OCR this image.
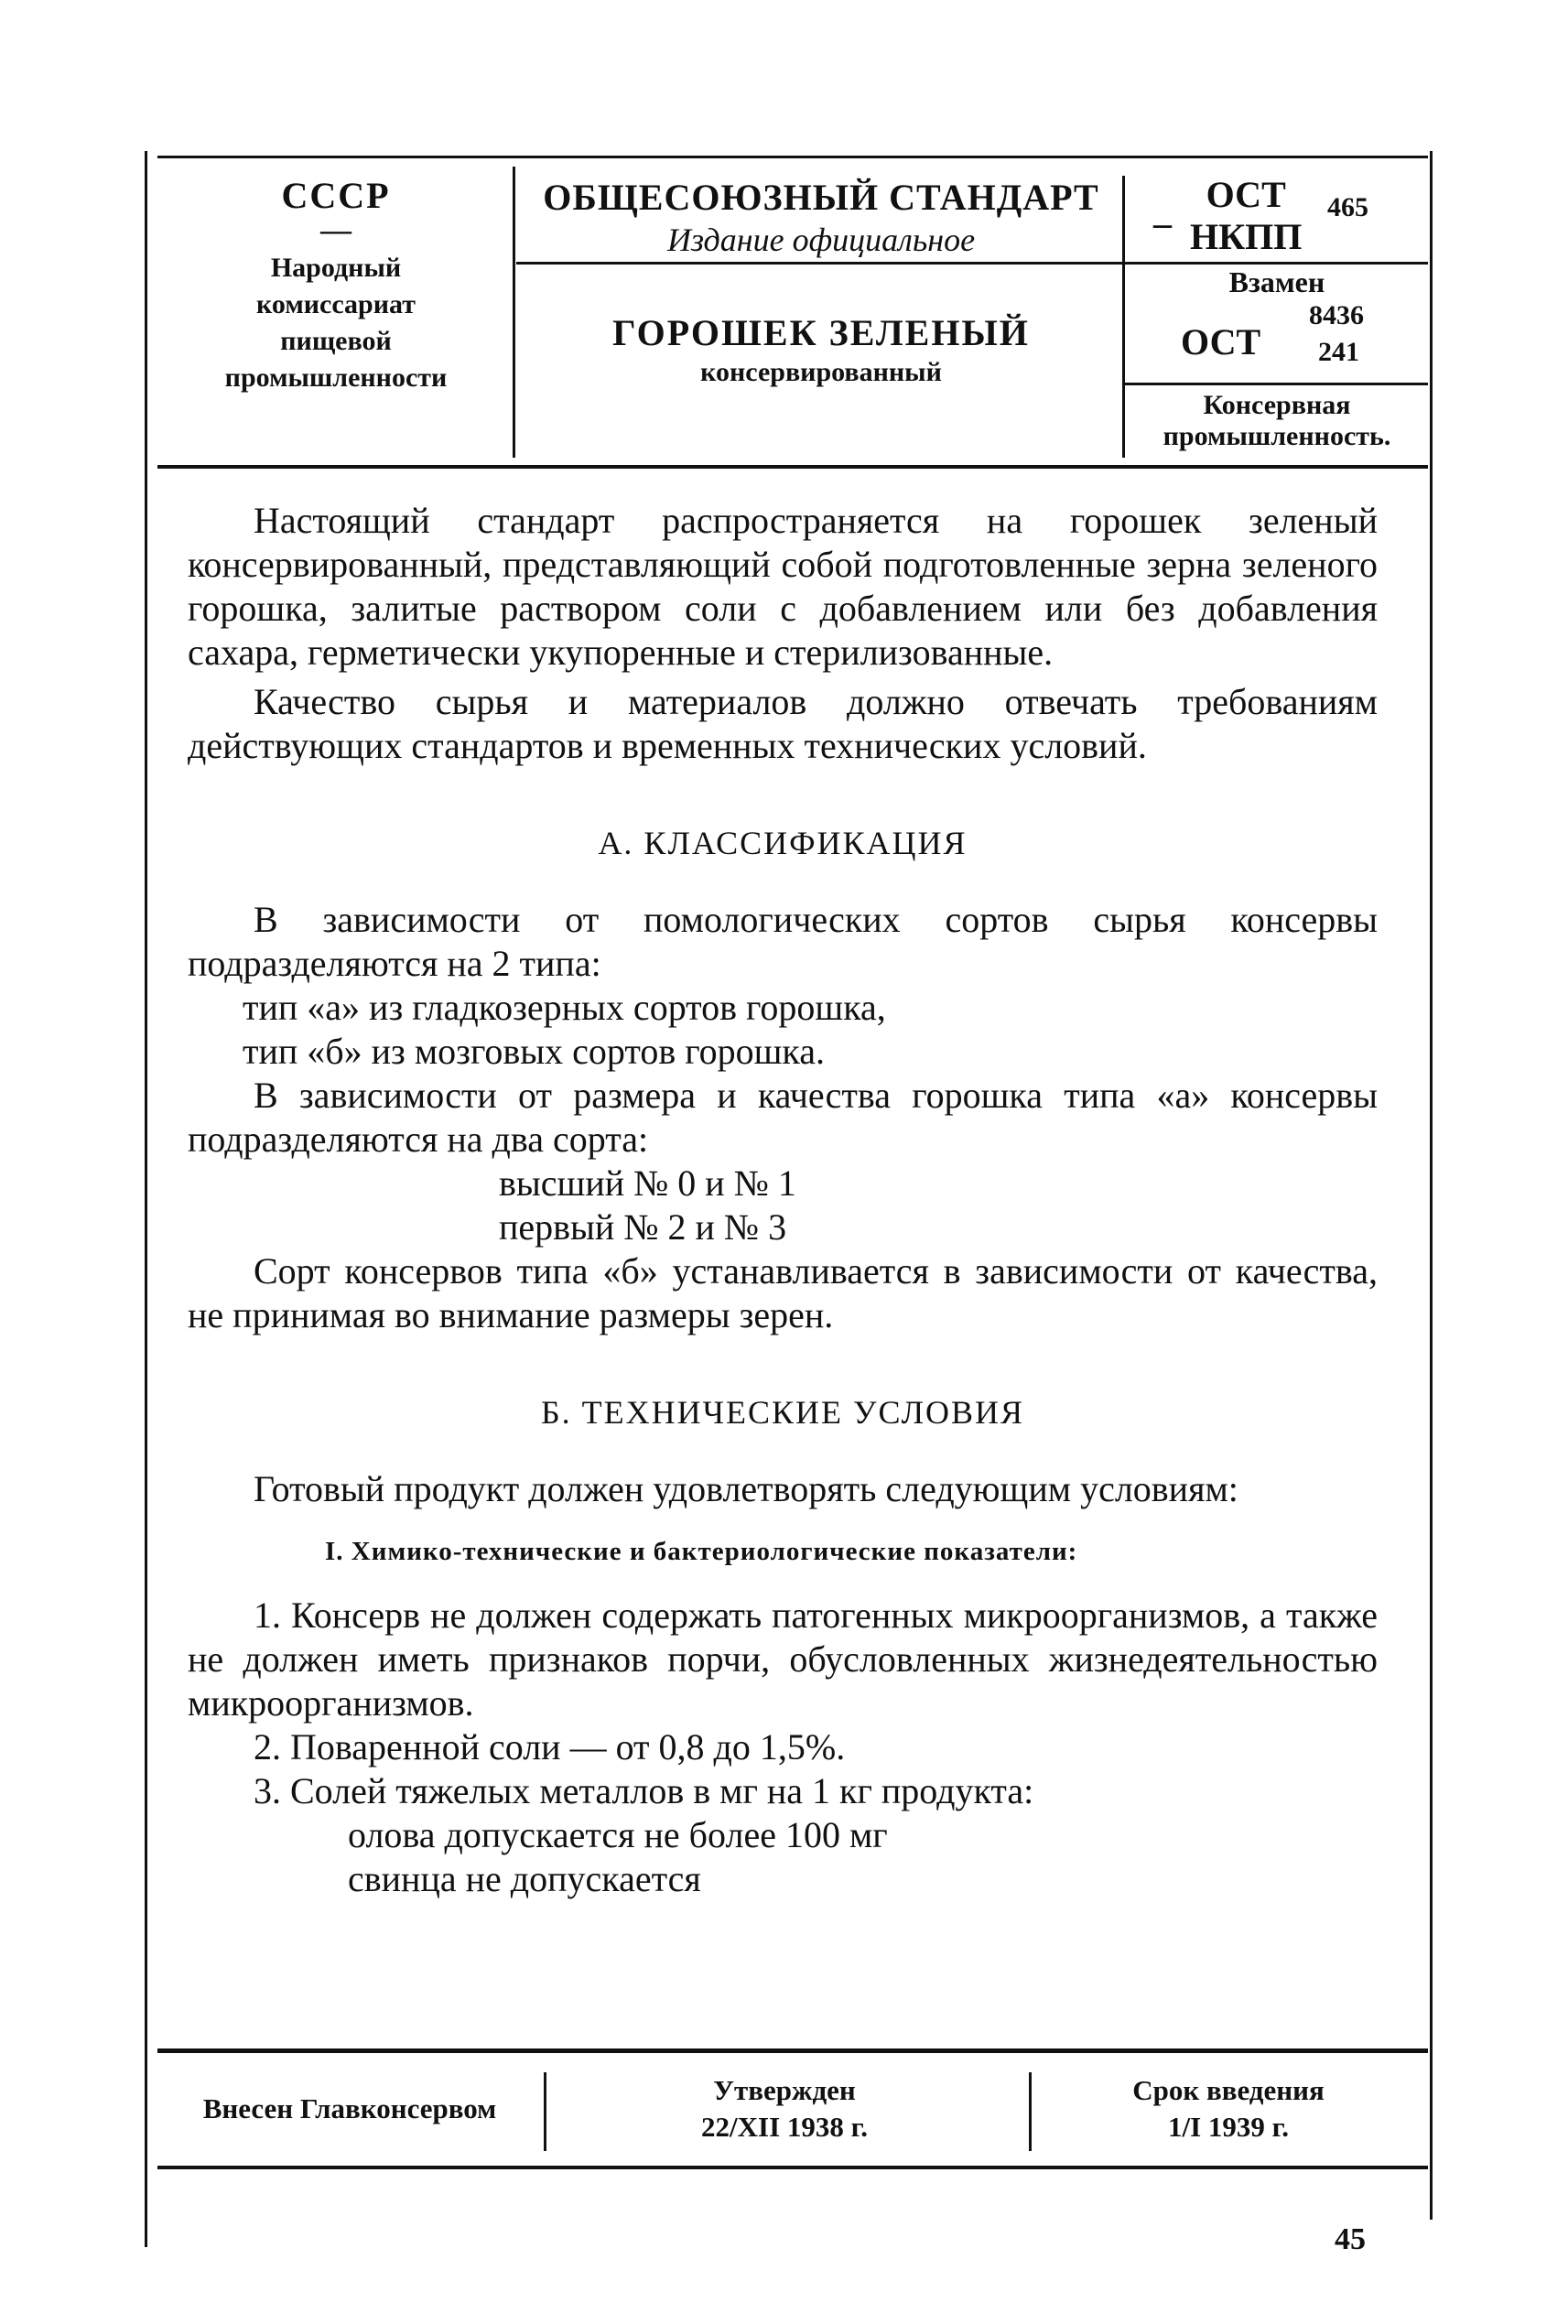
СССР
—
Народный
комиссариат
пищевой
промышленности
ОБЩЕСОЮЗНЫЙ СТАНДАРТ
Издание официальное
ГОРОШЕК ЗЕЛЕНЫЙ
консервированный
–
ОСТ
НКПП
465
Взамен
ОСТ
8436
241
Консервная
промышленность.

Настоящий стандарт распространяется на горошек зеленый консервированный, представляющий собой подготовленные зерна зеленого горошка, залитые раствором соли с добавлением или без добавления сахара, герметически укупоренные и стерилизованные.

Качество сырья и материалов должно отвечать требованиям действующих стандартов и временных технических условий.

А. КЛАССИФИКАЦИЯ

В зависимости от помологических сортов сырья консервы подразделяются на 2 типа:

тип «а» из гладкозерных сортов горошка,

тип «б» из мозговых сортов горошка.

В зависимости от размера и качества горошка типа «а» консервы подразделяются на два сорта:

высший № 0 и № 1

первый № 2 и № 3

Сорт консервов типа «б» устанавливается в зависимости от качества, не принимая во внимание размеры зерен.

Б. ТЕХНИЧЕСКИЕ УСЛОВИЯ

Готовый продукт должен удовлетворять следующим условиям:

I. Химико-технические и бактериологические показатели:

1. Консерв не должен содержать патогенных микроорганизмов, а также не должен иметь признаков порчи, обусловленных жизнедеятельностью микроорганизмов.

2. Поваренной соли — от 0,8 до 1,5%.

3. Солей тяжелых металлов в мг на 1 кг продукта:

олова допускается не более 100 мг

свинца не допускается

Внесен Главконсервом
Утвержден
22/XII 1938 г.
Срок введения
1/I 1939 г.
45
